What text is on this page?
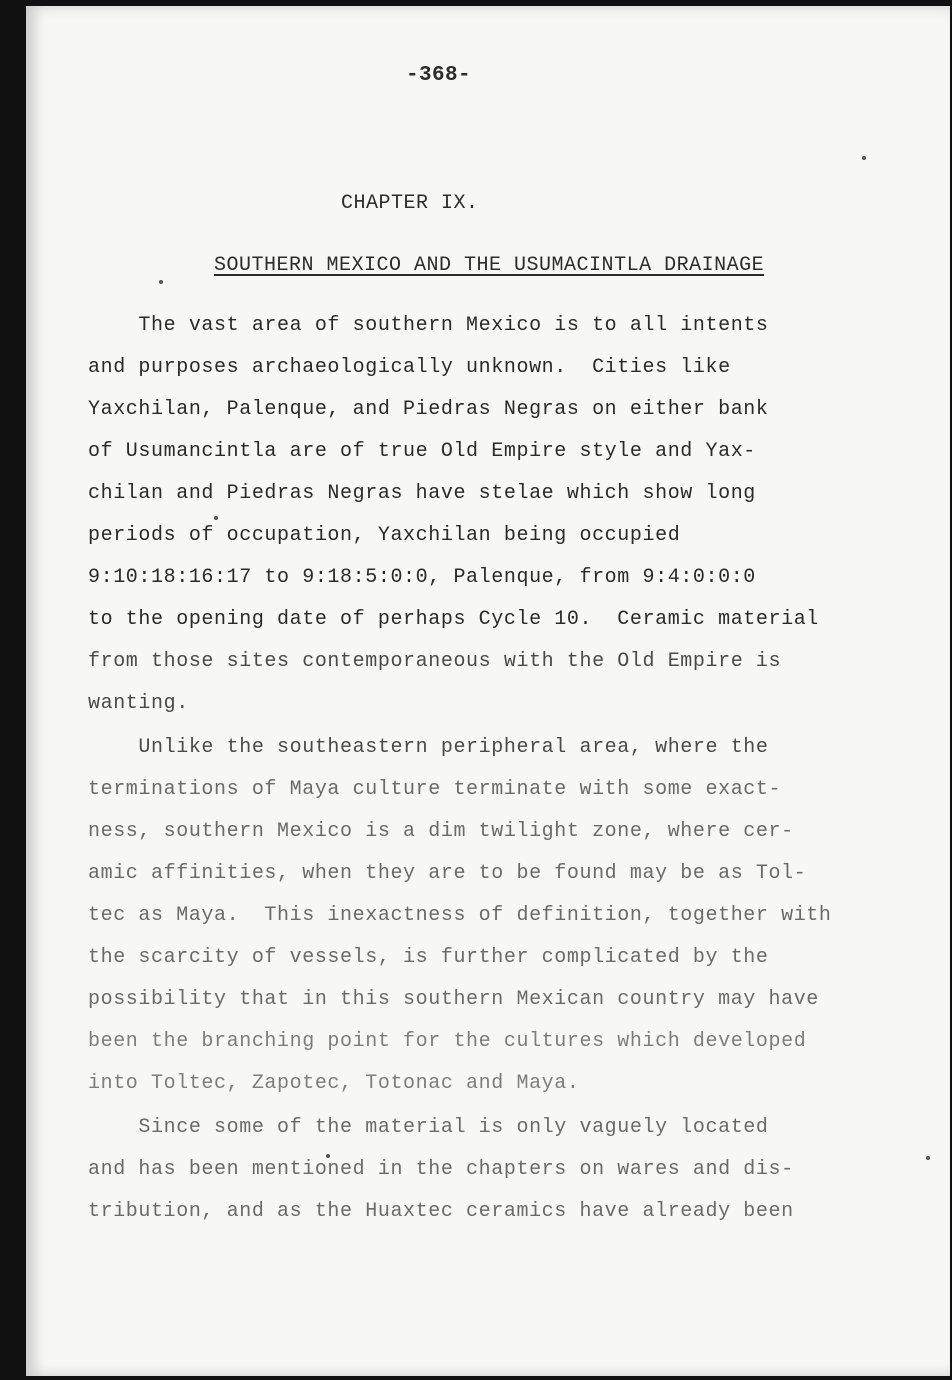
-368-

CHAPTER IX.

SOUTHERN MEXICO AND THE USUMACINTLA DRAINAGE

The vast area of southern Mexico is to all intents

and purposes archaeologically unknown.  Cities like

Yaxchilan, Palenque, and Piedras Negras on either bank

of Usumancintla are of true Old Empire style and Yax-

chilan and Piedras Negras have stelae which show long

periods of occupation, Yaxchilan being occupied

9:10:18:16:17 to 9:18:5:0:0, Palenque, from 9:4:0:0:0

to the opening date of perhaps Cycle 10.  Ceramic material

from those sites contemporaneous with the Old Empire is

wanting.

Unlike the southeastern peripheral area, where the

terminations of Maya culture terminate with some exact-

ness, southern Mexico is a dim twilight zone, where cer-

amic affinities, when they are to be found may be as Tol-

tec as Maya.  This inexactness of definition, together with

the scarcity of vessels, is further complicated by the

possibility that in this southern Mexican country may have

been the branching point for the cultures which developed

into Toltec, Zapotec, Totonac and Maya.

Since some of the material is only vaguely located

and has been mentioned in the chapters on wares and dis-

tribution, and as the Huaxtec ceramics have already been
